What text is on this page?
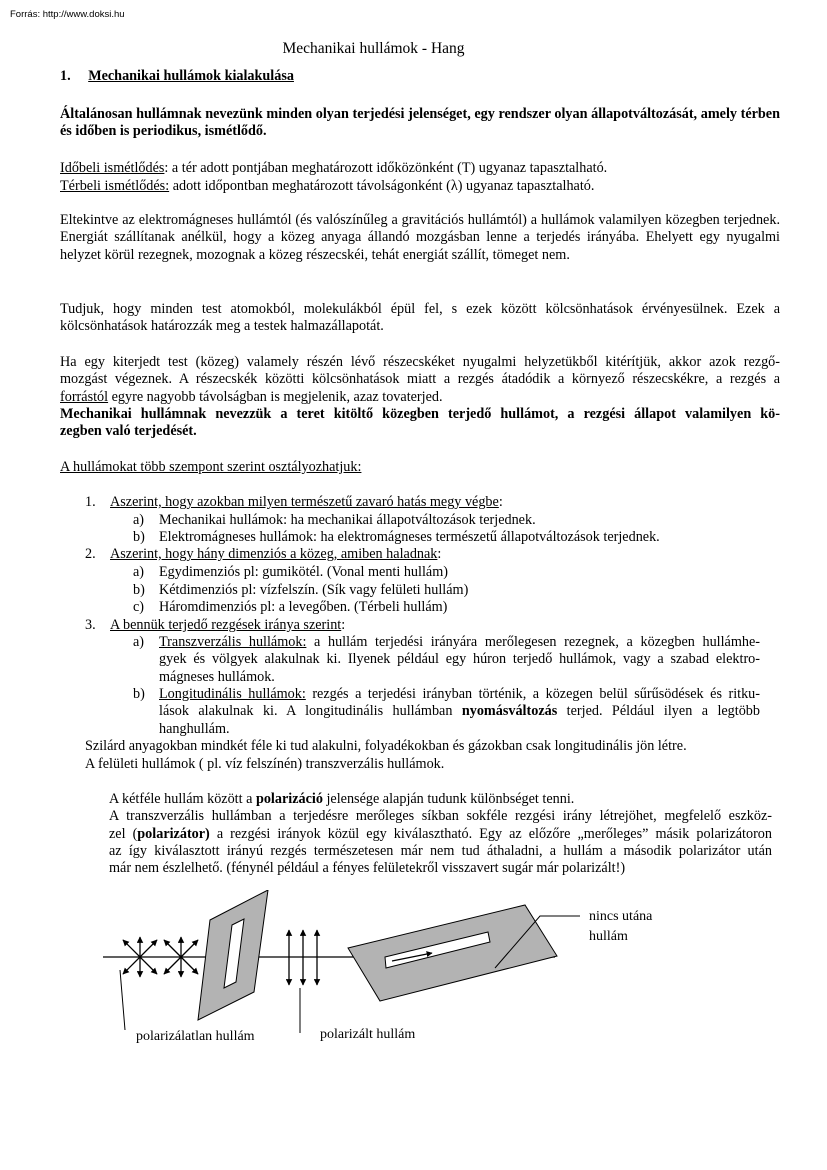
Forrás: http://www.doksi.hu
Mechanikai hullámok - Hang
1. Mechanikai hullámok kialakulása

Általánosan hullámnak nevezünk minden olyan terjedési jelenséget, egy rendszer olyan állapotváltozását, amely térben és időben is periodikus, ismétlődő.

Időbeli ismétlődés: a tér adott pontjában meghatározott időközönként (T) ugyanaz tapasztalható.
Térbeli ismétlődés: adott időpontban meghatározott távolságonként (λ) ugyanaz tapasztalható.

Eltekintve az elektromágneses hullámtól (és valószínűleg a gravitációs hullámtól) a hullámok valamilyen közegben terjednek. Energiát szállítanak anélkül, hogy a közeg anyaga állandó mozgásban lenne a terjedés irányába. Ehelyett egy nyugalmi helyzet körül rezegnek, mozognak a közeg részecskéi, tehát energiát szállít, tömeget nem.

Tudjuk, hogy minden test atomokból, molekulákból épül fel, s ezek között kölcsönhatások érvényesülnek. Ezek a kölcsönhatások határozzák meg a testek halmazállapotát.

Ha egy kiterjedt test (közeg) valamely részén lévő részecskéket nyugalmi helyzetükből kitérítjük, akkor azok rezgő-
mozgást végeznek. A részecskék közötti kölcsönhatások miatt a rezgés átadódik a környező részecskékre, a rezgés a
forrástól egyre nagyobb távolságban is megjelenik, azaz tovaterjed.
Mechanikai hullámnak nevezzük a teret kitöltő közegben terjedő hullámot, a rezgési állapot valamilyen kö-
zegben való terjedését.
A hullámokat több szempont szerint osztályozhatjuk:
1. Aszerint, hogy azokban milyen természetű zavaró hatás megy végbe:
a) Mechanikai hullámok: ha mechanikai állapotváltozások terjednek.
b) Elektromágneses hullámok: ha elektromágneses természetű állapotváltozások terjednek.
2. Aszerint, hogy hány dimenziós a közeg, amiben haladnak:
a) Egydimenziós pl: gumikötél. (Vonal menti hullám)
b) Kétdimenziós pl: vízfelszín. (Sík vagy felületi hullám)
c) Háromdimenziós pl: a levegőben. (Térbeli hullám)
3. A bennük terjedő rezgések iránya szerint:
a) Transzverzális hullámok: a hullám terjedési irányára merőlegesen rezegnek, a közegben hullámhe-
gyek és völgyek alakulnak ki. Ilyenek például egy húron terjedő hullámok, vagy a szabad elektro-
mágneses hullámok.
b) Longitudinális hullámok: rezgés a terjedési irányban történik, a közegen belül sűrűsödések és ritku-
lások alakulnak ki. A longitudinális hullámban nyomásváltozás terjed. Például ilyen a legtöbb
hanghullám.
Szilárd anyagokban mindkét féle ki tud alakulni, folyadékokban és gázokban csak longitudinális jön létre.
A felületi hullámok ( pl. víz felszínén) transzverzális hullámok.
A kétféle hullám között a polarizáció jelensége alapján tudunk különbséget tenni.
A transzverzális hullámban a terjedésre merőleges síkban sokféle rezgési irány létrejöhet, megfelelő eszköz-
zel (polarizátor) a rezgési irányok közül egy kiválasztható. Egy az előzőre „merőleges” másik polarizátoron
az így kiválasztott irányú rezgés természetesen már nem tud áthaladni, a hullám a második polarizátor után
már nem észlelhető. (fénynél például a fényes felületekről visszavert sugár már polarizált!)
nincs utána
hullám
polarizálatlan hullám	polarizált hullám
